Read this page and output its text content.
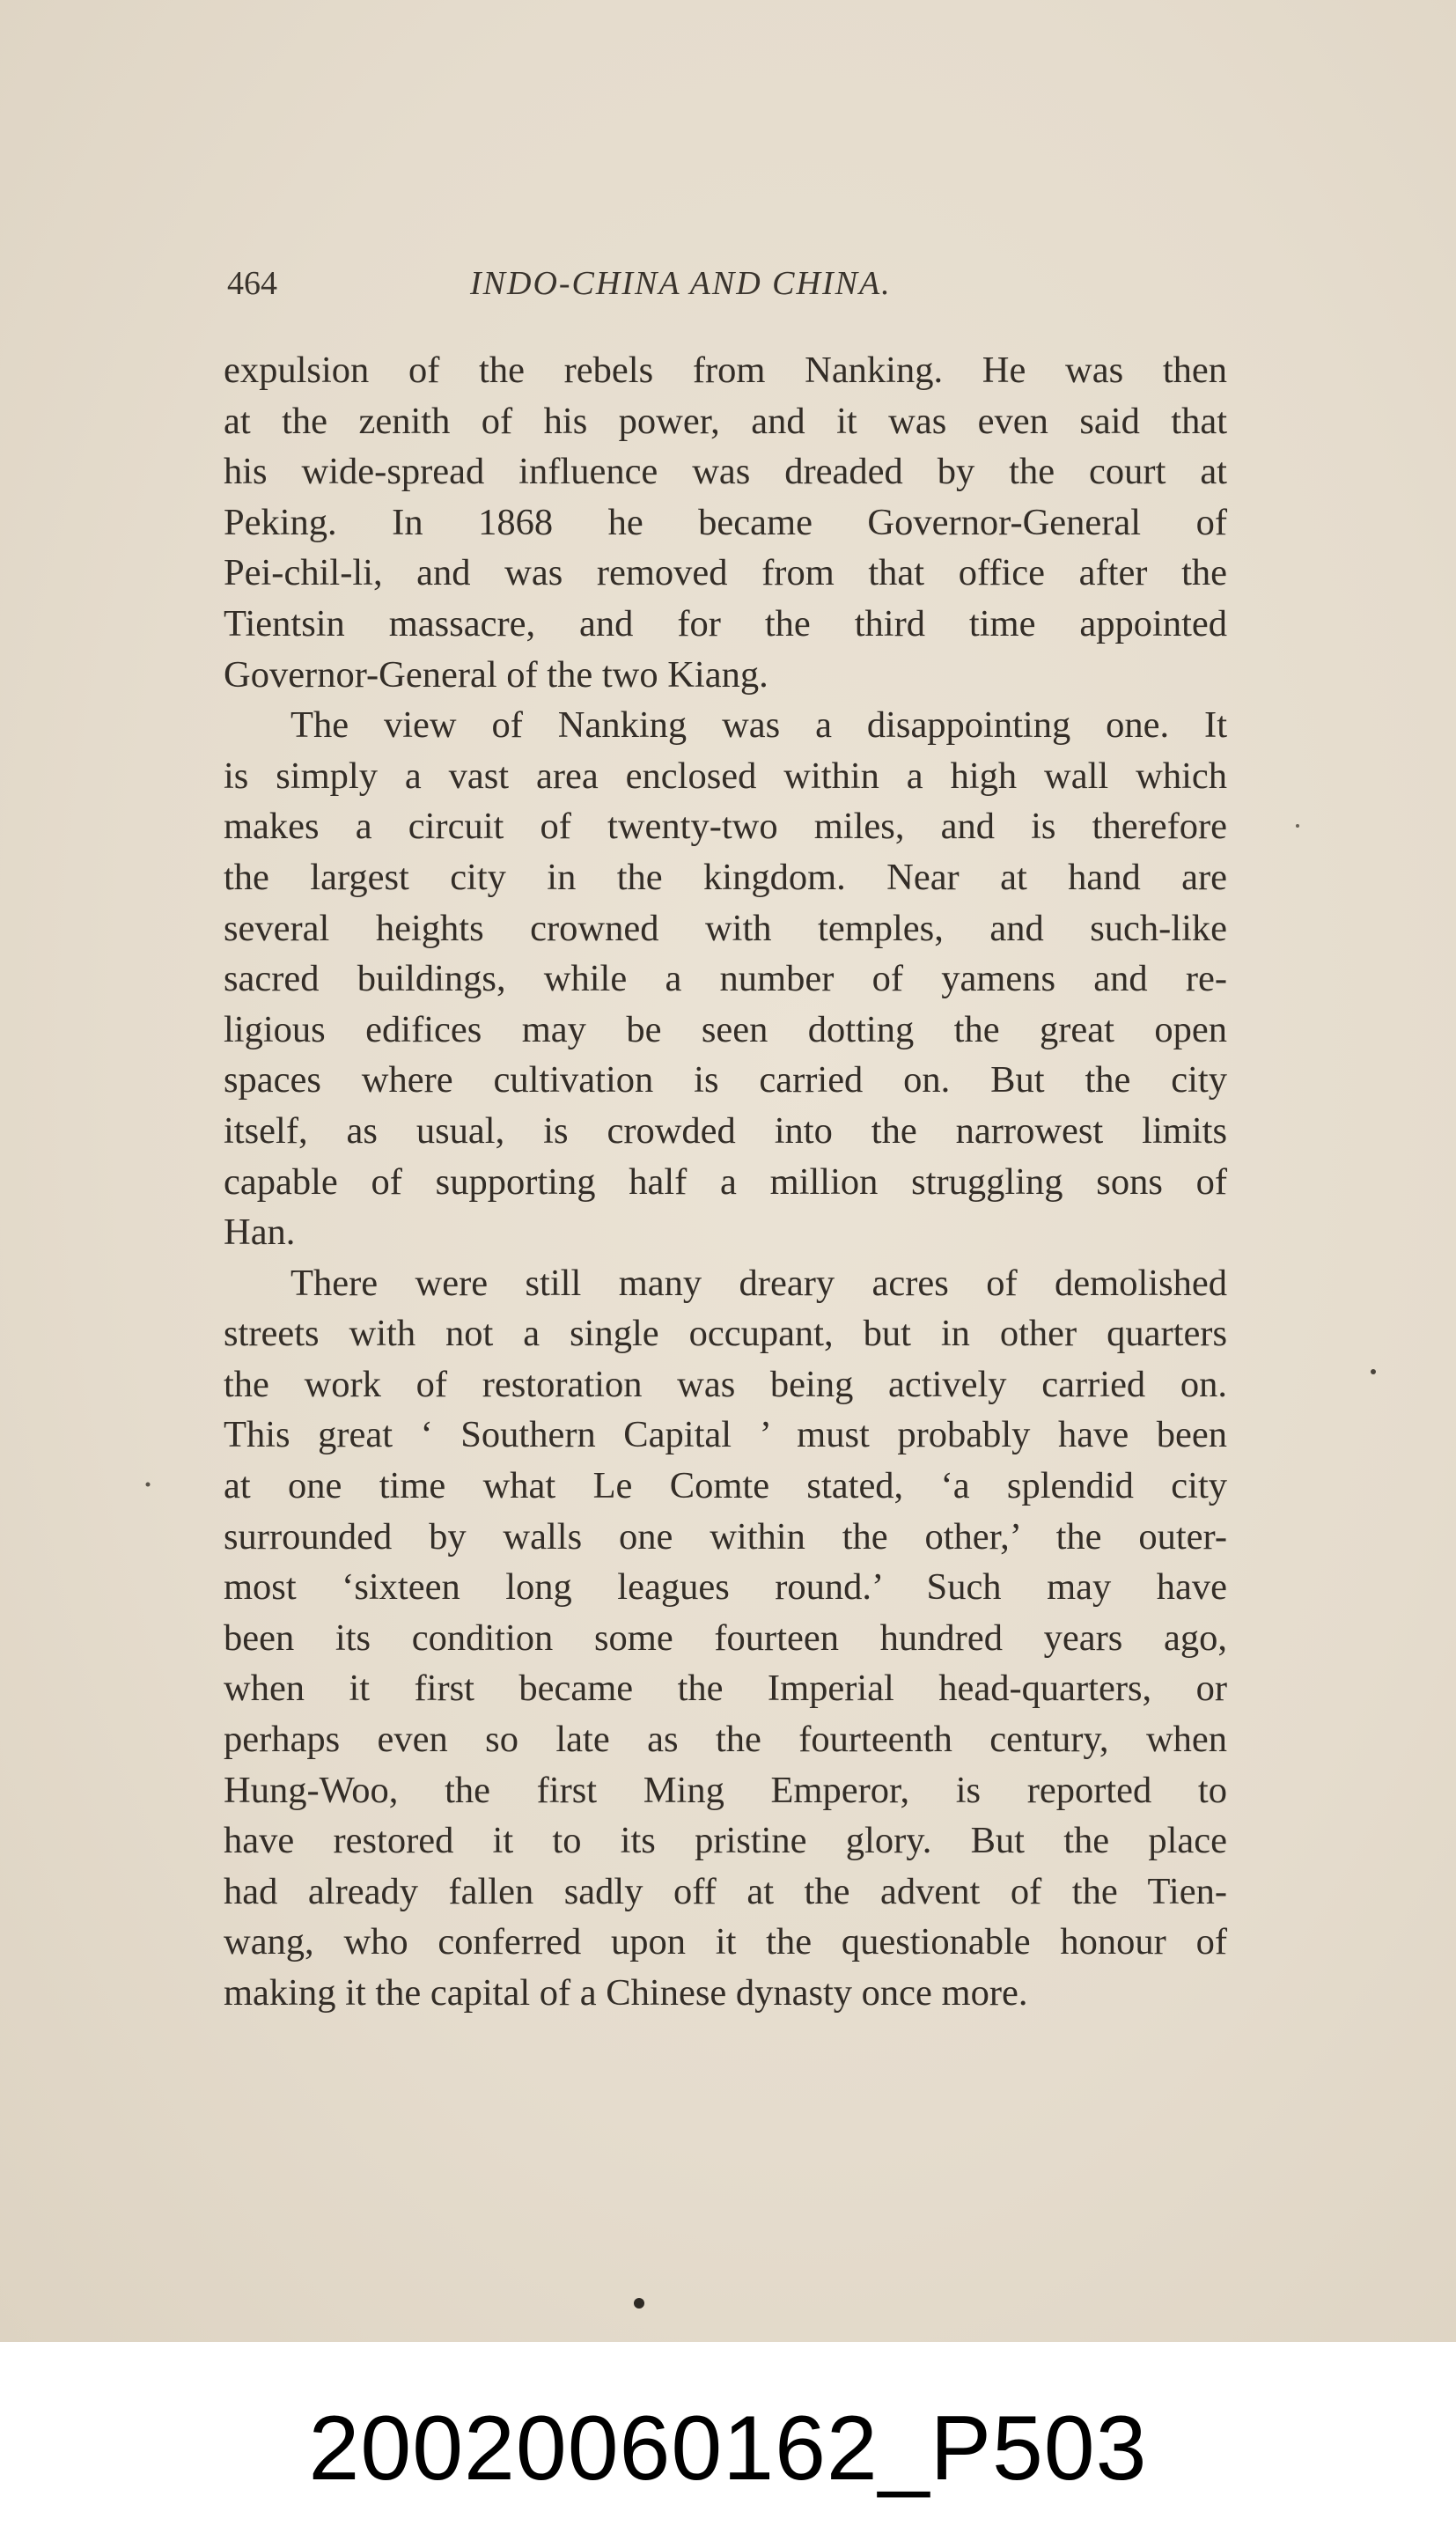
464	INDO-CHINA AND CHINA.
expulsion of the rebels from Nanking. He was then
at the zenith of his power, and it was even said that
his wide-spread influence was dreaded by the court at
Peking. In 1868 he became Governor-General of
Pei-chil-li, and was removed from that office after the
Tientsin massacre, and for the third time appointed
Governor-General of the two Kiang.
The view of Nanking was a disappointing one. It
is simply a vast area enclosed within a high wall which
makes a circuit of twenty-two miles, and is therefore
the largest city in the kingdom. Near at hand are
several heights crowned with temples, and such-like
sacred buildings, while a number of yamens and re-
ligious edifices may be seen dotting the great open
spaces where cultivation is carried on. But the city
itself, as usual, is crowded into the narrowest limits
capable of supporting half a million struggling sons of
Han.
There were still many dreary acres of demolished
streets with not a single occupant, but in other quarters
the work of restoration was being actively carried on.
This great ‘ Southern Capital ’ must probably have been
at one time what Le Comte stated, ‘a splendid city
surrounded by walls one within the other,’ the outer-
most ‘sixteen long leagues round.’ Such may have
been its condition some fourteen hundred years ago,
when it first became the Imperial head-quarters, or
perhaps even so late as the fourteenth century, when
Hung-Woo, the first Ming Emperor, is reported to
have restored it to its pristine glory. But the place
had already fallen sadly off at the advent of the Tien-
wang, who conferred upon it the questionable honour of
making it the capital of a Chinese dynasty once more.
20020060162_P503
